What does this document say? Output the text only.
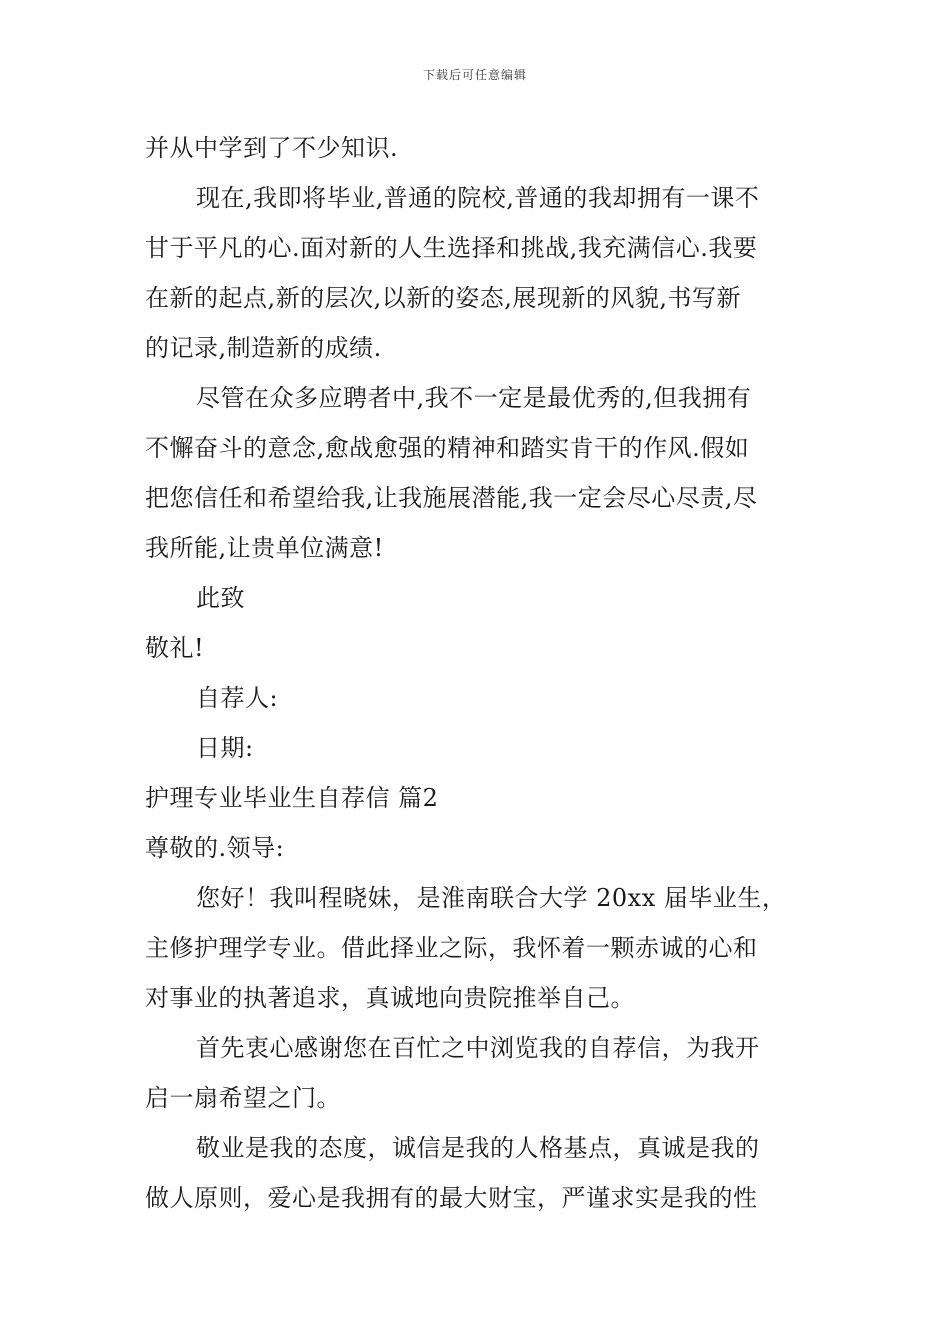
下载后可任意编辑
并从中学到了不少知识.
现在,我即将毕业,普通的院校,普通的我却拥有一课不
甘于平凡的心.面对新的人生选择和挑战,我充满信心.我要
在新的起点,新的层次,以新的姿态,展现新的风貌,书写新
的记录,制造新的成绩.
尽管在众多应聘者中,我不一定是最优秀的,但我拥有
不懈奋斗的意念,愈战愈强的精神和踏实肯干的作风.假如
把您信任和希望给我,让我施展潜能,我一定会尽心尽责,尽
我所能,让贵单位满意!
此致
敬礼!
自荐人:
日期:
护理专业毕业生自荐信 篇2
尊敬的.领导:
您好！我叫程晓妹，是淮南联合大学 20xx 届毕业生，
主修护理学专业。借此择业之际，我怀着一颗赤诚的心和
对事业的执著追求，真诚地向贵院推举自己。
首先衷心感谢您在百忙之中浏览我的自荐信，为我开
启一扇希望之门。
敬业是我的态度，诚信是我的人格基点，真诚是我的
做人原则，爱心是我拥有的最大财宝，严谨求实是我的性
